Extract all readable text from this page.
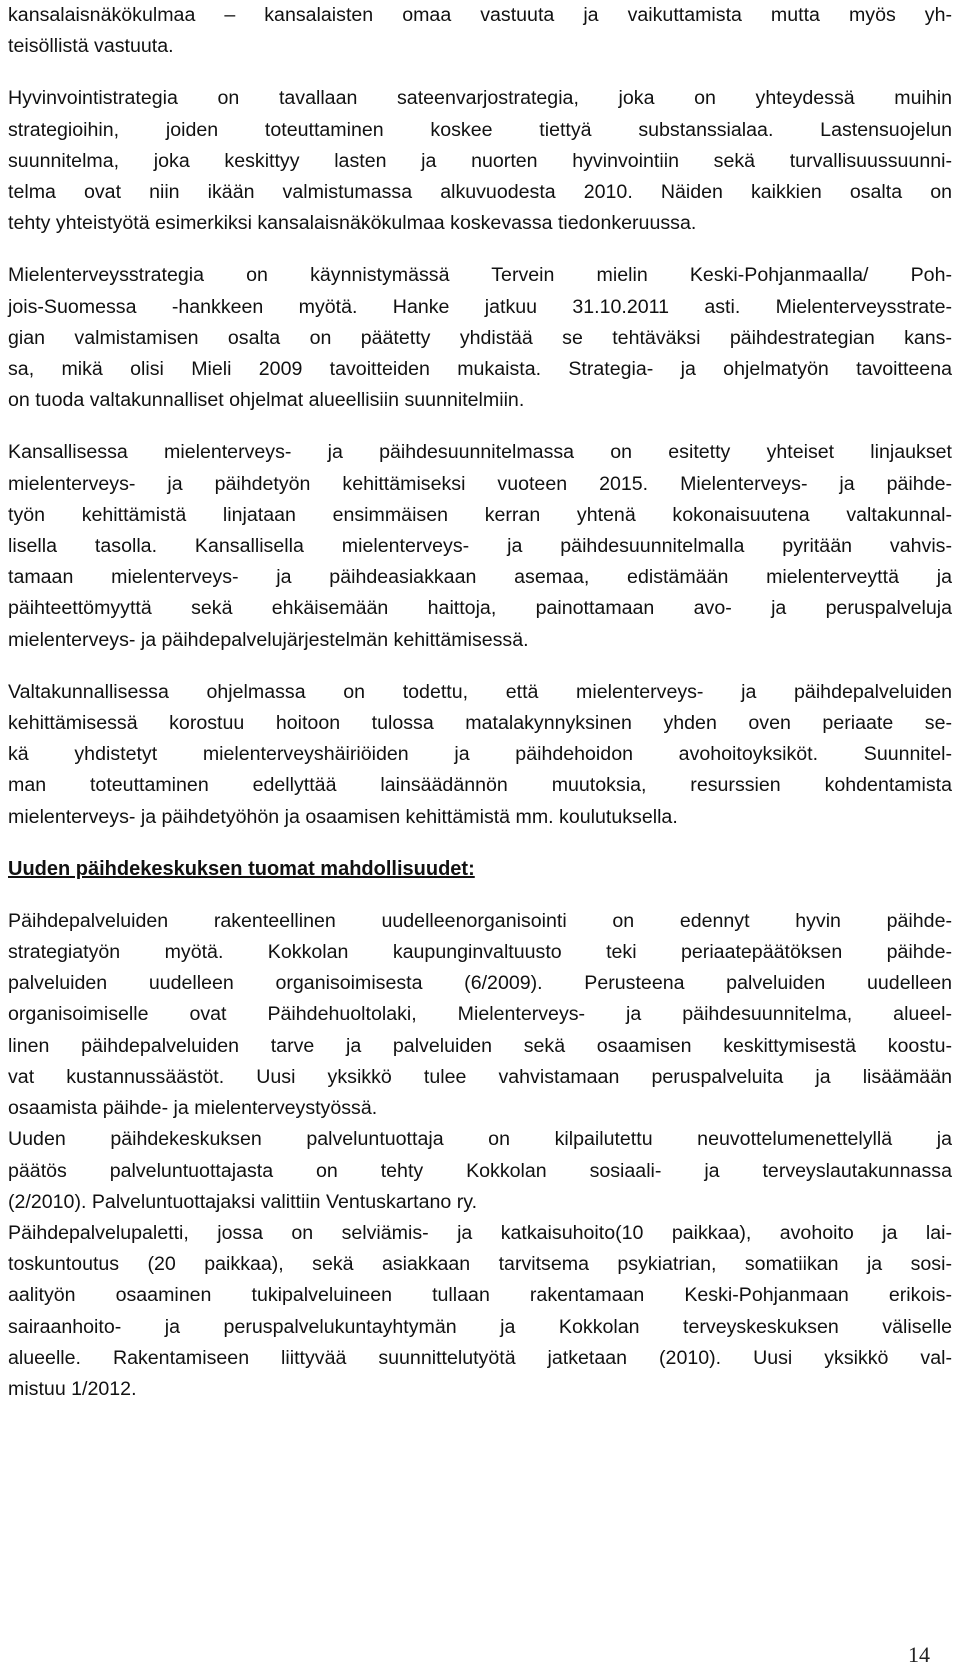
kansalaisnäkökulmaa – kansalaisten omaa vastuuta ja vaikuttamista mutta myös yh-
teisöllistä vastuuta.

Hyvinvointistrategia on tavallaan sateenvarjostrategia, joka on yhteydessä muihin
strategioihin, joiden toteuttaminen koskee tiettyä substanssialaa. Lastensuojelun
suunnitelma, joka keskittyy lasten ja nuorten hyvinvointiin sekä turvallisuussuunni-
telma ovat niin ikään valmistumassa alkuvuodesta 2010. Näiden kaikkien osalta on
tehty yhteistyötä esimerkiksi kansalaisnäkökulmaa koskevassa tiedonkeruussa.

Mielenterveysstrategia on käynnistymässä Tervein mielin Keski-Pohjanmaalla/ Poh-
jois-Suomessa -hankkeen myötä. Hanke jatkuu 31.10.2011 asti. Mielenterveysstrate-
gian valmistamisen osalta on päätetty yhdistää se tehtäväksi päihdestrategian kans-
sa, mikä olisi Mieli 2009 tavoitteiden mukaista. Strategia- ja ohjelmatyön tavoitteena
on tuoda valtakunnalliset ohjelmat alueellisiin suunnitelmiin.

Kansallisessa mielenterveys- ja päihdesuunnitelmassa on esitetty yhteiset linjaukset
mielenterveys- ja päihdetyön kehittämiseksi vuoteen 2015. Mielenterveys- ja päihde-
työn kehittämistä linjataan ensimmäisen kerran yhtenä kokonaisuutena valtakunnal-
lisella tasolla. Kansallisella mielenterveys- ja päihdesuunnitelmalla pyritään vahvis-
tamaan mielenterveys- ja päihdeasiakkaan asemaa, edistämään mielenterveyttä ja
päihteettömyyttä sekä ehkäisemään haittoja, painottamaan avo- ja peruspalveluja
mielenterveys- ja päihdepalvelujärjestelmän kehittämisessä.

Valtakunnallisessa ohjelmassa on todettu, että mielenterveys- ja päihdepalveluiden
kehittämisessä korostuu hoitoon tulossa matalakynnyksinen yhden oven periaate se-
kä yhdistetyt mielenterveyshäiriöiden ja päihdehoidon avohoitoyksiköt. Suunnitel-
man toteuttaminen edellyttää lainsäädännön muutoksia, resurssien kohdentamista
mielenterveys- ja päihdetyöhön ja osaamisen kehittämistä mm. koulutuksella.

Uuden päihdekeskuksen tuomat mahdollisuudet:

Päihdepalveluiden rakenteellinen uudelleenorganisointi on edennyt hyvin päihde-
strategiatyön myötä. Kokkolan kaupunginvaltuusto teki periaatepäätöksen päihde-
palveluiden uudelleen organisoimisesta (6/2009). Perusteena palveluiden uudelleen
organisoimiselle ovat Päihdehuoltolaki, Mielenterveys- ja päihdesuunnitelma, alueel-
linen päihdepalveluiden tarve ja palveluiden sekä osaamisen keskittymisestä koostu-
vat kustannussäästöt. Uusi yksikkö tulee vahvistamaan peruspalveluita ja lisäämään
osaamista päihde- ja mielenterveystyössä.

Uuden päihdekeskuksen palveluntuottaja on kilpailutettu neuvottelumenettelyllä ja
päätös palveluntuottajasta on tehty Kokkolan sosiaali- ja terveyslautakunnassa
(2/2010). Palveluntuottajaksi valittiin Ventuskartano ry.

Päihdepalvelupaletti, jossa on selviämis- ja katkaisuhoito(10 paikkaa), avohoito ja lai-
toskuntoutus (20 paikkaa), sekä asiakkaan tarvitsema psykiatrian, somatiikan ja sosi-
aalityön osaaminen tukipalveluineen tullaan rakentamaan Keski-Pohjanmaan erikois-
sairaanhoito- ja peruspalvelukuntayhtymän ja Kokkolan terveyskeskuksen väliselle
alueelle. Rakentamiseen liittyvää suunnittelutyötä jatketaan (2010). Uusi yksikkö val-
mistuu 1/2012.

14
